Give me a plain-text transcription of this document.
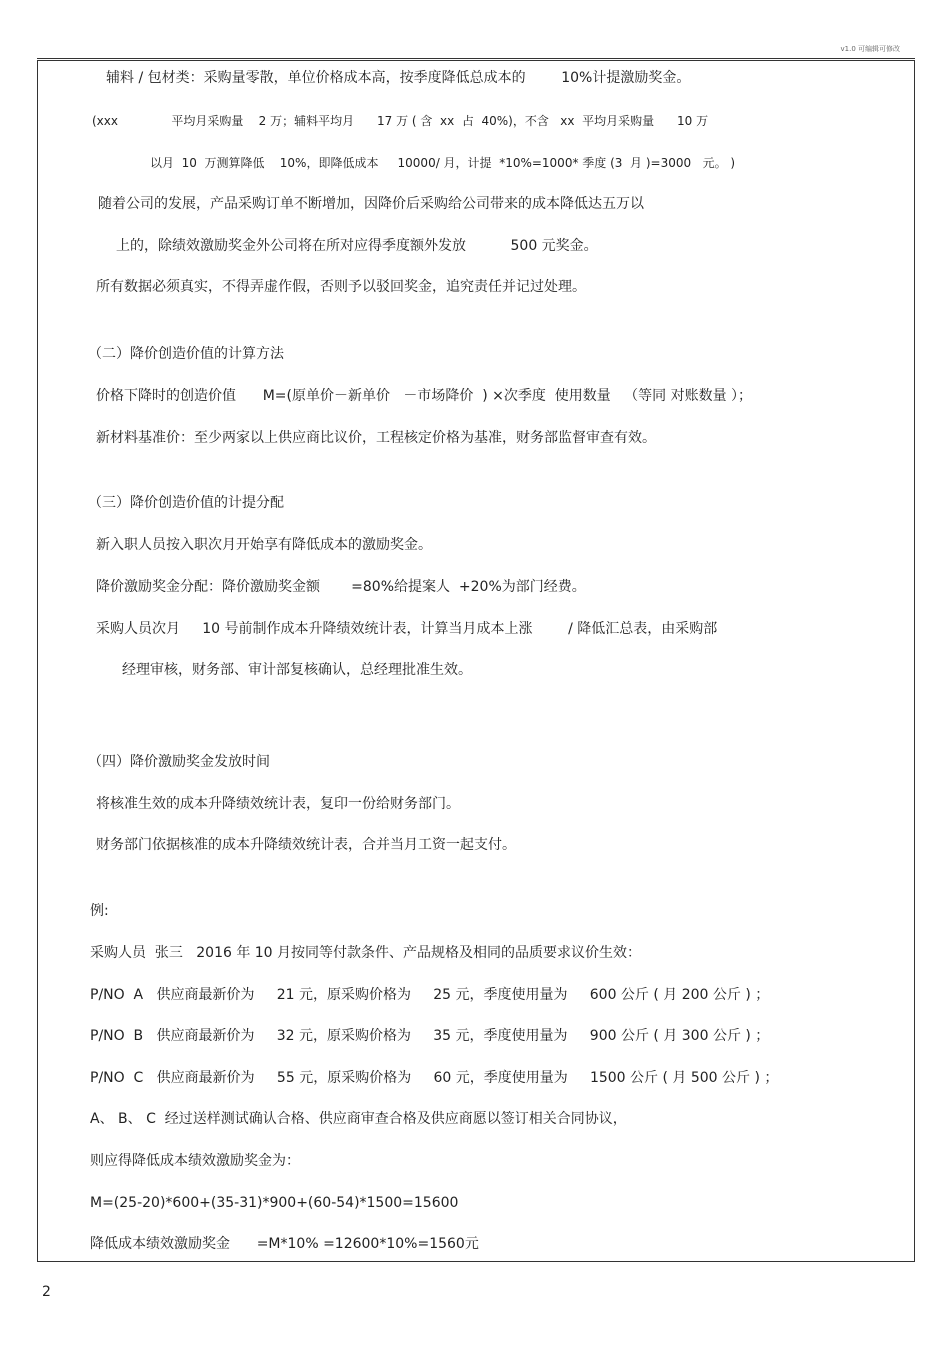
v1.0 可编辑可修改
辅料 / 包材类：采购量零散，单位价格成本高，按季度降低总成本的        10%计提激励奖金。
(xxx              平均月采购量    2 万；辅料平均月      17 万 ( 含  xx  占  40%)，不含   xx  平均月采购量      10 万
以月  10  万测算降低    10%，即降低成本     10000/ 月，计提  *10%=1000* 季度 (3  月 )=3000   元。 )
随着公司的发展，产品采购订单不断增加，因降价后采购给公司带来的成本降低达五万以
上的，除绩效激励奖金外公司将在所对应得季度额外发放          500 元奖金。
所有数据必须真实，不得弄虚作假，否则予以驳回奖金，追究责任并记过处理。
（二）降价创造价值的计算方法
价格下降时的创造价值      M=(原单价－新单价   －市场降价  ) ×次季度  使用数量   （等同 对账数量 ）；
新材料基准价：至少两家以上供应商比议价，工程核定价格为基准，财务部监督审查有效。
（三）降价创造价值的计提分配
新入职人员按入职次月开始享有降低成本的激励奖金。
降价激励奖金分配：降价激励奖金额       =80%给提案人  +20%为部门经费。
采购人员次月     10 号前制作成本升降绩效统计表，计算当月成本上涨        / 降低汇总表，由采购部
经理审核，财务部、审计部复核确认，总经理批准生效。
（四）降价激励奖金发放时间
将核准生效的成本升降绩效统计表，复印一份给财务部门。
财务部门依据核准的成本升降绩效统计表，合并当月工资一起支付。
例:
采购人员  张三   2016 年 10 月按同等付款条件、产品规格及相同的品质要求议价生效：
P/NO  A   供应商最新价为     21 元，原采购价格为     25 元，季度使用量为     600 公斤 ( 月 200 公斤 ) ；
P/NO  B   供应商最新价为     32 元，原采购价格为     35 元，季度使用量为     900 公斤 ( 月 300 公斤 ) ；
P/NO  C   供应商最新价为     55 元，原采购价格为     60 元，季度使用量为     1500 公斤 ( 月 500 公斤 ) ；
A、 B、 C  经过送样测试确认合格、供应商审查合格及供应商愿以签订相关合同协议，
则应得降低成本绩效激励奖金为：
M=(25-20)*600+(35-31)*900+(60-54)*1500=15600
降低成本绩效激励奖金      =M*10% =12600*10%=1560元
2
